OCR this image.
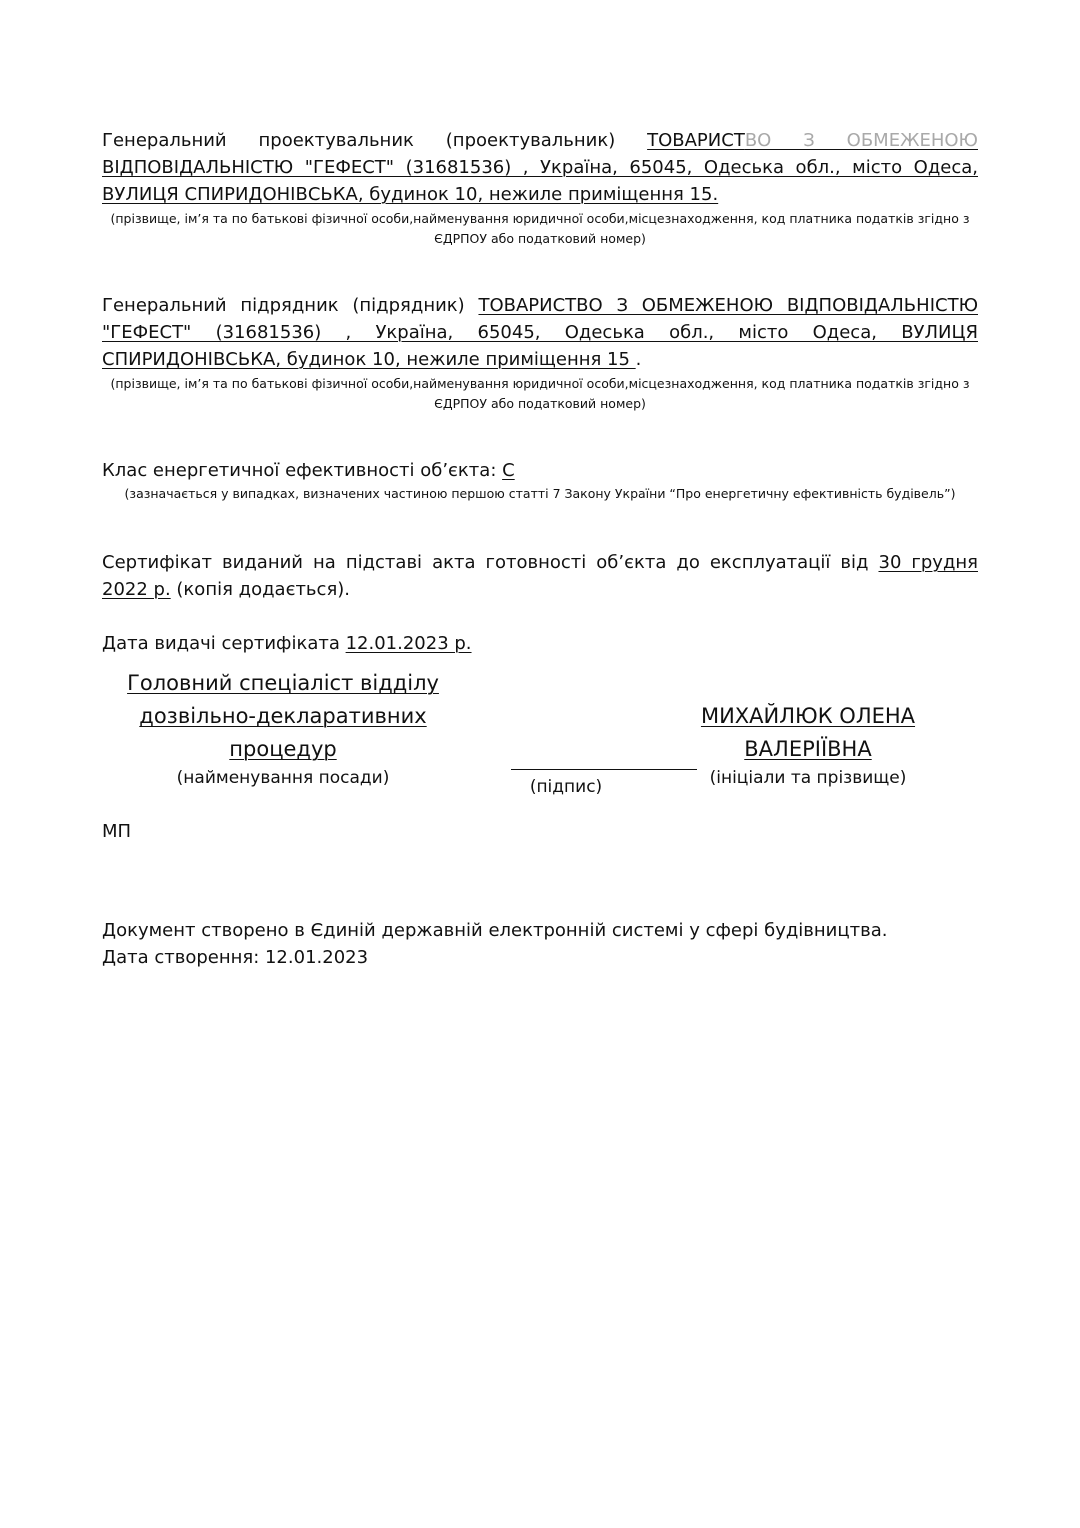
Генеральний проектувальник (проектувальник) ТОВАРИСТВО З ОБМЕЖЕНОЮ ВІДПОВІДАЛЬНІСТЮ "ГЕФЕСТ" (31681536) , Україна, 65045, Одеська обл., місто Одеса, ВУЛИЦЯ СПИРИДОНІВСЬКА, будинок 10, нежиле приміщення 15.
(прізвище, ім’я та по батькові фізичної особи,найменування юридичної особи,місцезнаходження, код платника податків згідно з ЄДРПОУ або податковий номер)
Генеральний підрядник (підрядник) ТОВАРИСТВО З ОБМЕЖЕНОЮ ВІДПОВІДАЛЬНІСТЮ "ГЕФЕСТ" (31681536) , Україна, 65045, Одеська обл., місто Одеса, ВУЛИЦЯ СПИРИДОНІВСЬКА, будинок 10, нежиле приміщення 15 .
(прізвище, ім’я та по батькові фізичної особи,найменування юридичної особи,місцезнаходження, код платника податків згідно з ЄДРПОУ або податковий номер)
Клас енергетичної ефективності об’єкта: С
(зазначається у випадках, визначених частиною першою статті 7 Закону України “Про енергетичну ефективність будівель”)
Сертифікат виданий на підставі акта готовності об’єкта до експлуатації від 30 грудня 2022 р. (копія додається).
Дата видачі сертифіката 12.01.2023 р.
Головний спеціаліст відділу
дозвільно-декларативних
процедур
(найменування посади)	(підпис)
МИХАЙЛЮК ОЛЕНА
ВАЛЕРІЇВНА
(ініціали та прізвище)
МП
Документ створено в Єдиній державній електронній системі у сфері будівництва.
Дата створення: 12.01.2023
